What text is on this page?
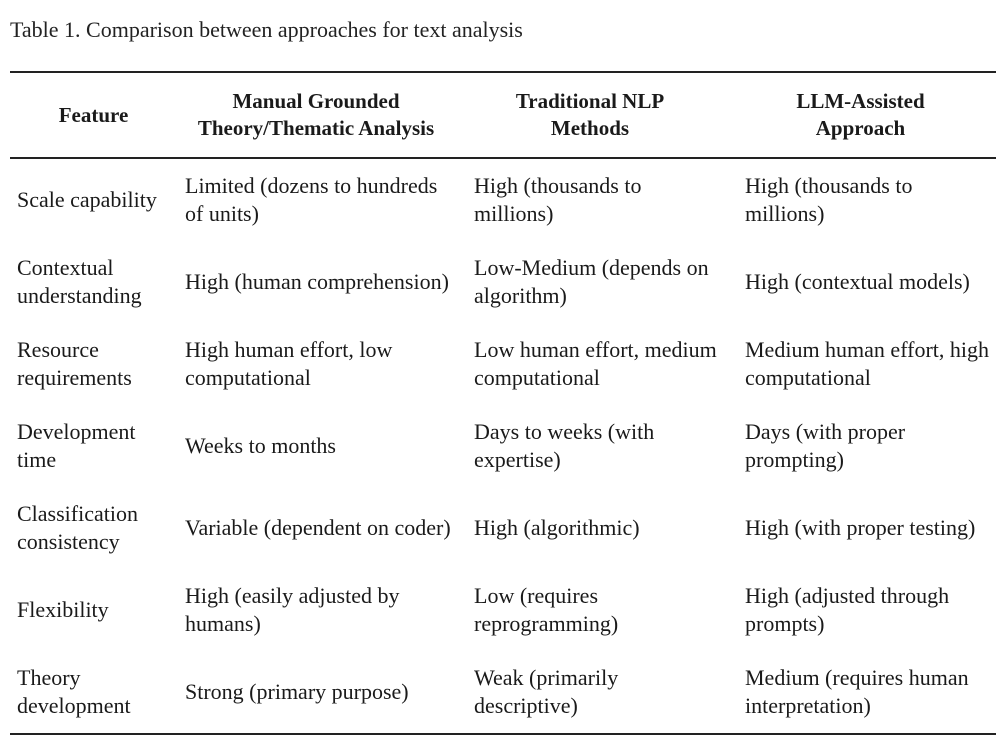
Table 1. Comparison between approaches for text analysis
Feature	Manual Grounded Theory/Thematic Analysis	Traditional NLP Methods	LLM-Assisted Approach
Scale capability	Limited (dozens to hundreds of units)	High (thousands to millions)	High (thousands to millions)
Contextual understanding	High (human comprehension)	Low-Medium (depends on algorithm)	High (contextual models)
Resource requirements	High human effort, low computational	Low human effort, medium computational	Medium human effort, high computational
Development time	Weeks to months	Days to weeks (with expertise)	Days (with proper prompting)
Classification consistency	Variable (dependent on coder)	High (algorithmic)	High (with proper testing)
Flexibility	High (easily adjusted by humans)	Low (requires reprogramming)	High (adjusted through prompts)
Theory development	Strong (primary purpose)	Weak (primarily descriptive)	Medium (requires human interpretation)
